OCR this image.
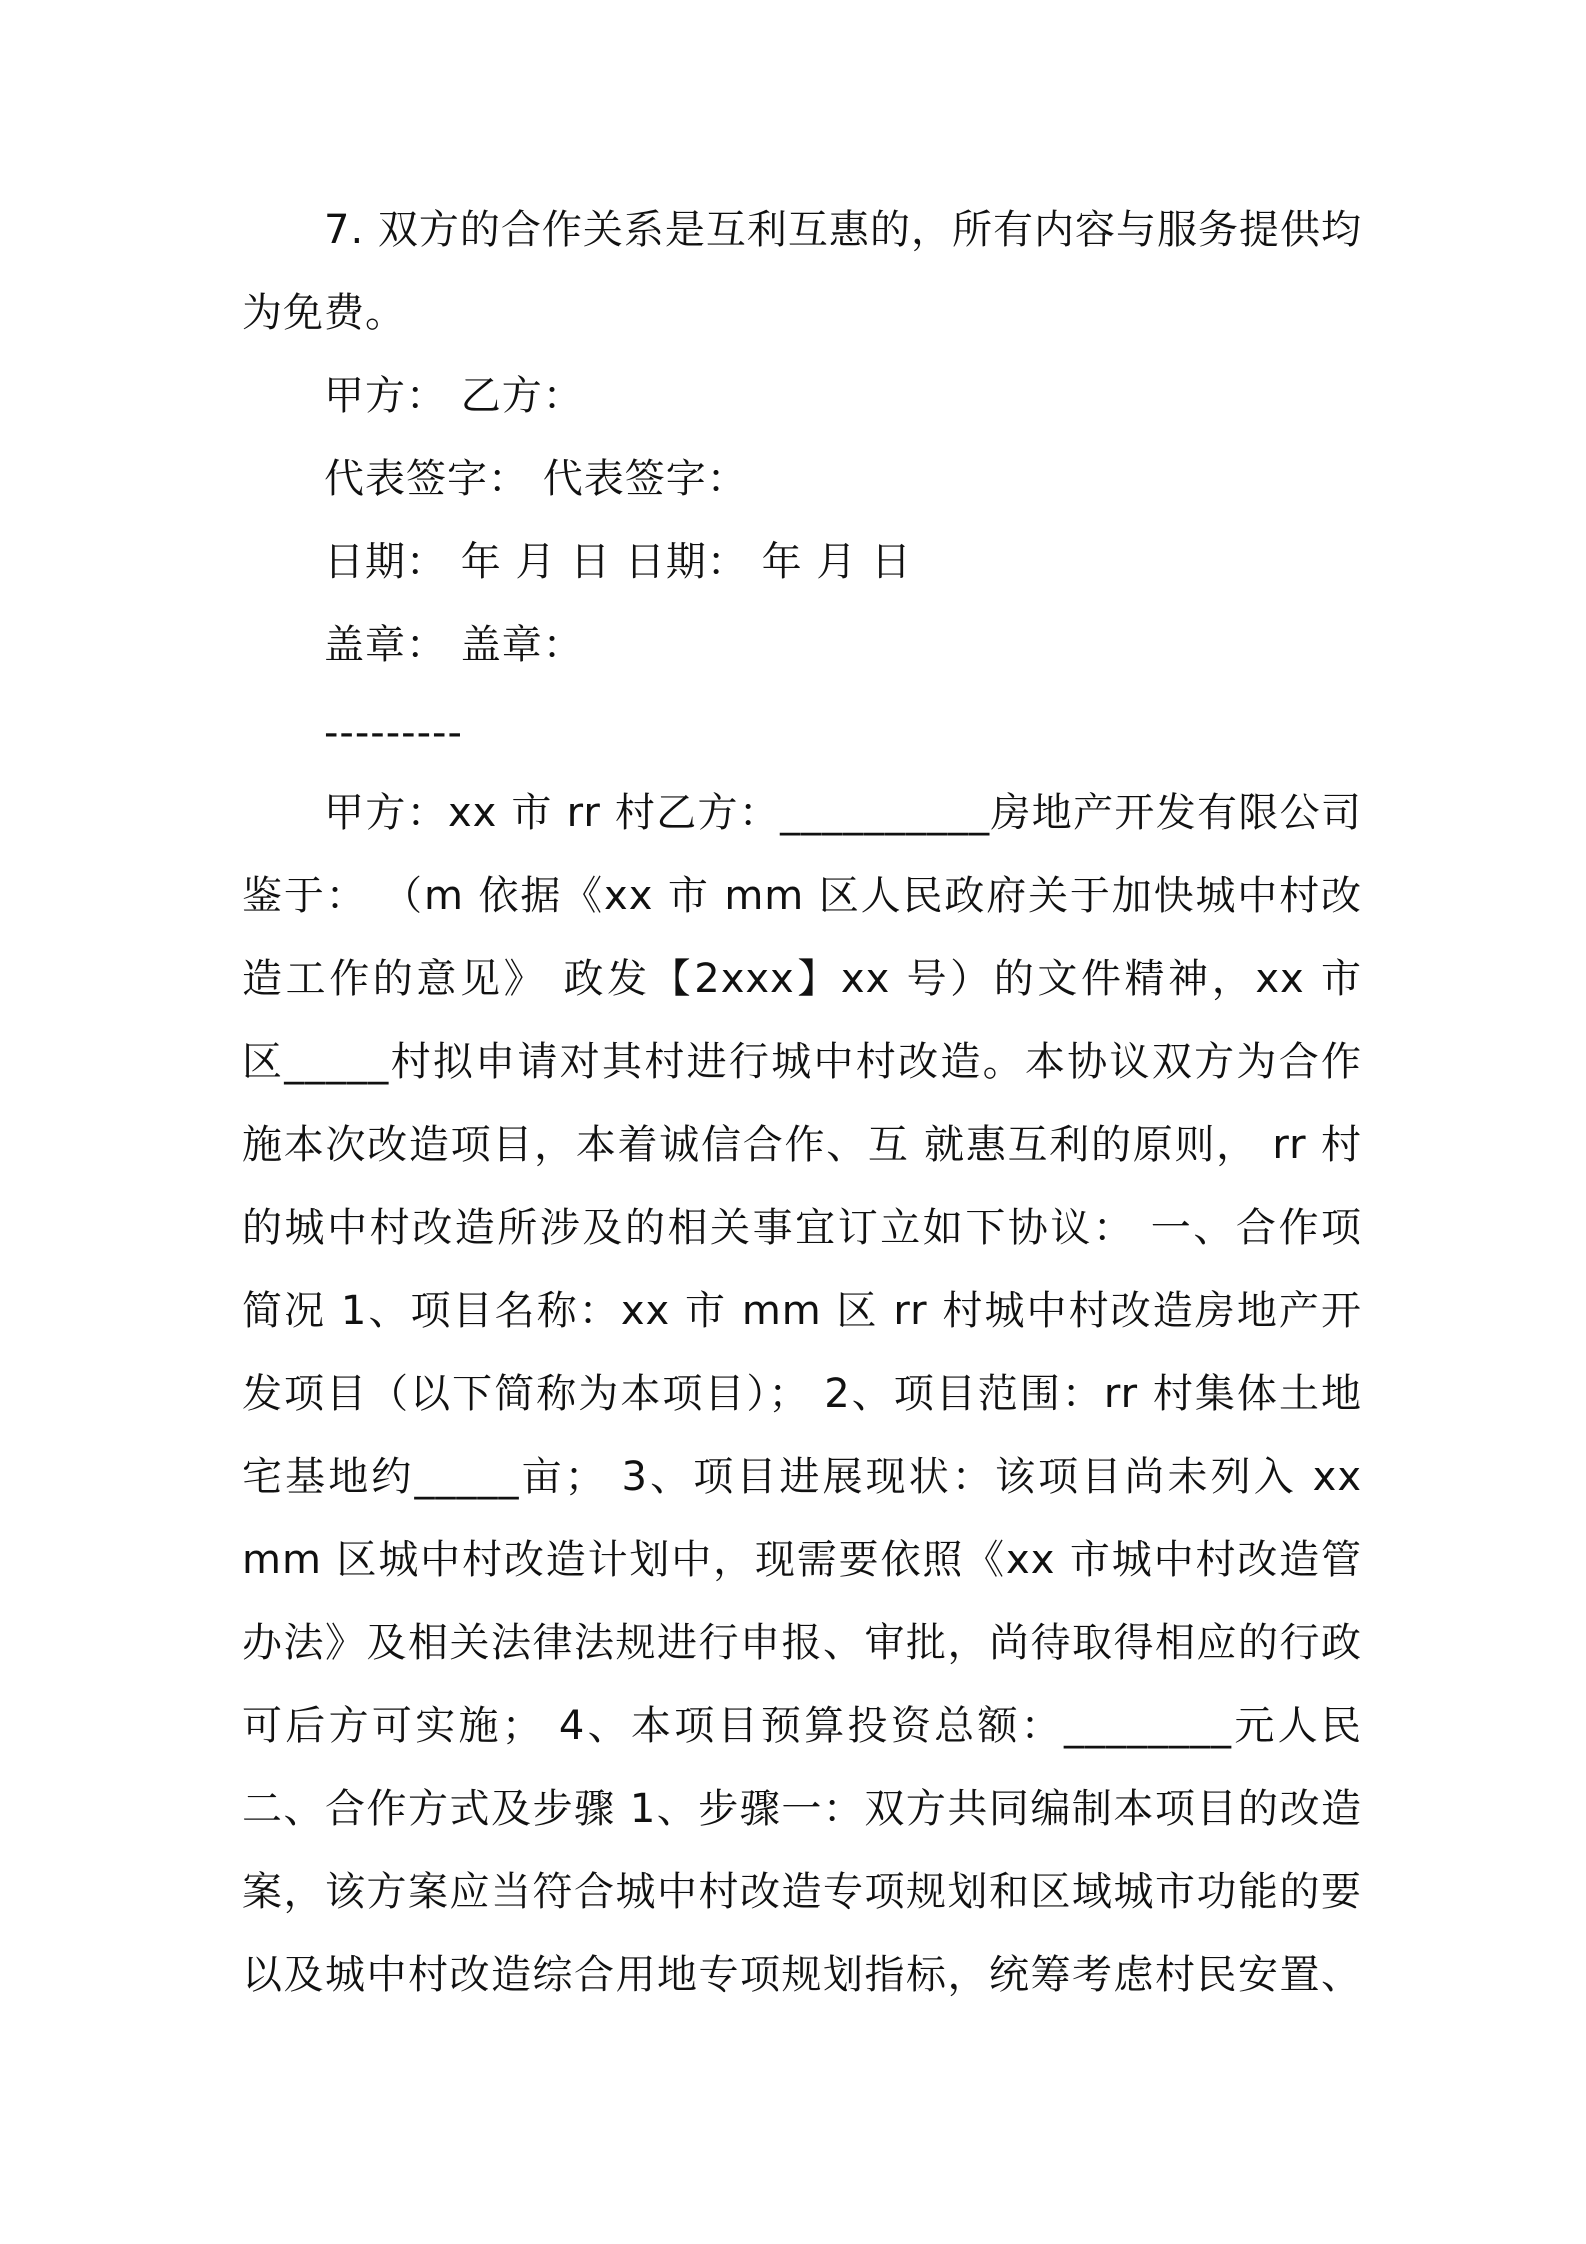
7. 双方的合作关系是互利互惠的，所有内容与服务提供均
为免费。
甲方： 乙方：
代表签字： 代表签字：
日期： 年 月 日 日期： 年 月 日
盖章： 盖章：
---------
甲方：xx 市 rr 村乙方：__________房地产开发有限公司
鉴于： （m 依据《xx 市 mm 区人民政府关于加快城中村改
造工作的意见》 政发【2xxx】xx 号）的文件精神，xx 市
区_____村拟申请对其村进行城中村改造。本协议双方为合作
施本次改造项目，本着诚信合作、互 就惠互利的原则， rr 村
的城中村改造所涉及的相关事宜订立如下协议： 一、合作项
简况 1、项目名称：xx 市 mm 区 rr 村城中村改造房地产开
发项目（以下简称为本项目）； 2、项目范围：rr 村集体土地
宅基地约_____亩； 3、项目进展现状：该项目尚未列入 xx
mm 区城中村改造计划中，现需要依照《xx 市城中村改造管
办法》及相关法律法规进行申报、审批，尚待取得相应的行政
可后方可实施； 4、本项目预算投资总额：________元人民
二、合作方式及步骤 1、步骤一：双方共同编制本项目的改造
案，该方案应当符合城中村改造专项规划和区域城市功能的要
以及城中村改造综合用地专项规划指标，统筹考虑村民安置、
